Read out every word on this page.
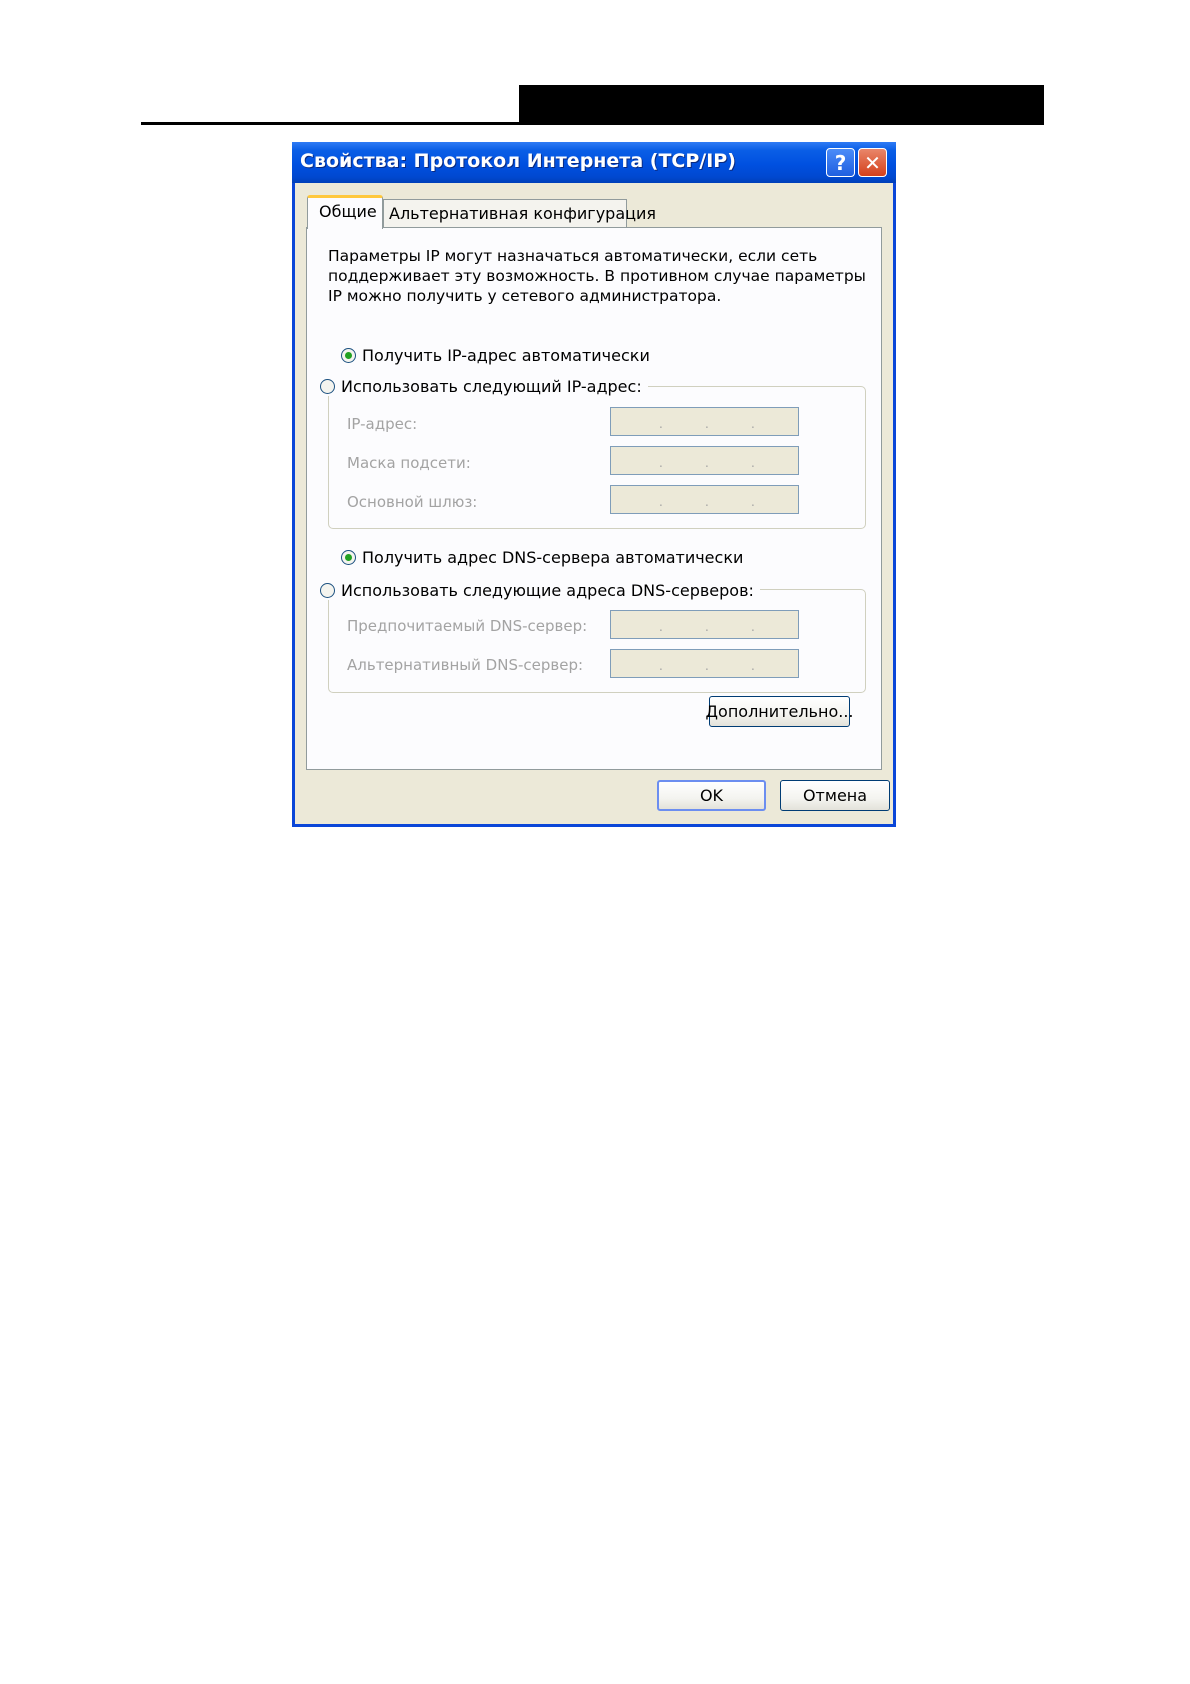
Свойства: Протокол Интернета (TCP/IP)	? ✕
Альтернативная конфигурация
Общие
Параметры IP могут назначаться автоматически, если сеть поддерживает эту возможность. В противном случае параметры IP можно получить у сетевого администратора.
Получить IP-адрес автоматически
IP-адрес:	.	.	.
Маска подсети:	.	.	.
Основной шлюз:	.	.	.
Использовать следующий IP-адрес:
Получить адрес DNS-сервера автоматически
Предпочитаемый DNS-сервер:	.	.	.
Альтернативный DNS-сервер:	.	.	.
Использовать следующие адреса DNS-серверов:
Дополнительно...
OK	Отмена
